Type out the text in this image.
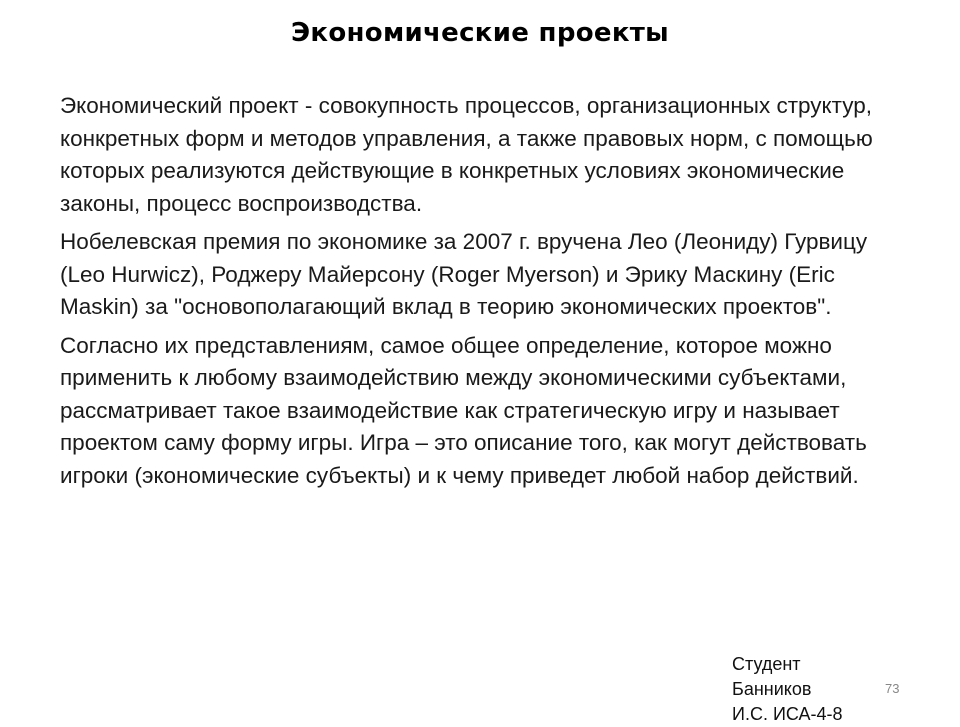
Экономические проекты

Экономический проект - совокупность процессов, организационных структур, конкретных форм и методов управления, а также правовых норм, с помощью которых реализуются действующие в конкретных условиях экономические законы, процесс воспроизводства.

Нобелевская премия по экономике за 2007 г. вручена Лео (Леониду) Гурвицу (Leo Hurwicz), Роджеру Майерсону (Roger Myerson) и Эрику Маскину (Eric Maskin) за "основополагающий вклад в теорию экономических проектов".

Согласно их представлениям, самое общее определение, которое можно применить к любому взаимодействию между экономическими субъектами, рассматривает такое взаимодействие как стратегическую игру и называет проектом саму форму игры. Игра – это описание того, как могут действовать игроки (экономические субъекты) и к чему приведет любой набор действий.

Студент Банников
И.С. ИСА-4-8
73
